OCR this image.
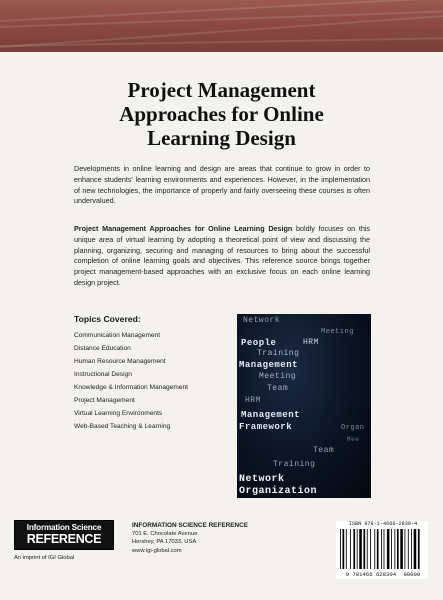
Project Management
Approaches for Online
Learning Design
Developments in online learning and design are areas that continue to grow in order to enhance students' learning environments and experiences. However, in the implementation of new technologies, the importance of properly and fairly overseeing these courses is often undervalued.
Project Management Approaches for Online Learning Design boldly focuses on this unique area of virtual learning by adopting a theoretical point of view and discussing the planning, organizing, securing and managing of resources to bring about the successful completion of online learning goals and objectives. This reference source brings together project management-based approaches with an exclusive focus on each online learning design project.
Topics Covered:
Communication Management
Distance Education
Human Resource Management
Instructional Design
Knowledge & Information Management
Project Management
Virtual Learning Environments
Web-Based Teaching & Learning
Network
Meeting
People	HRM
Training
Management
Meeting
Team
HRM
Management
Framework	Organ
Mee
Team
Training
Network
Organization
Information Science
REFERENCE
An imprint of IGI Global
INFORMATION SCIENCE REFERENCE
701 E. Chocolate Avenue
Hershey, PA 17033, USA
www.igi-global.com
ISBN 978-1-4666-2830-4
9 781466 628304 90000
